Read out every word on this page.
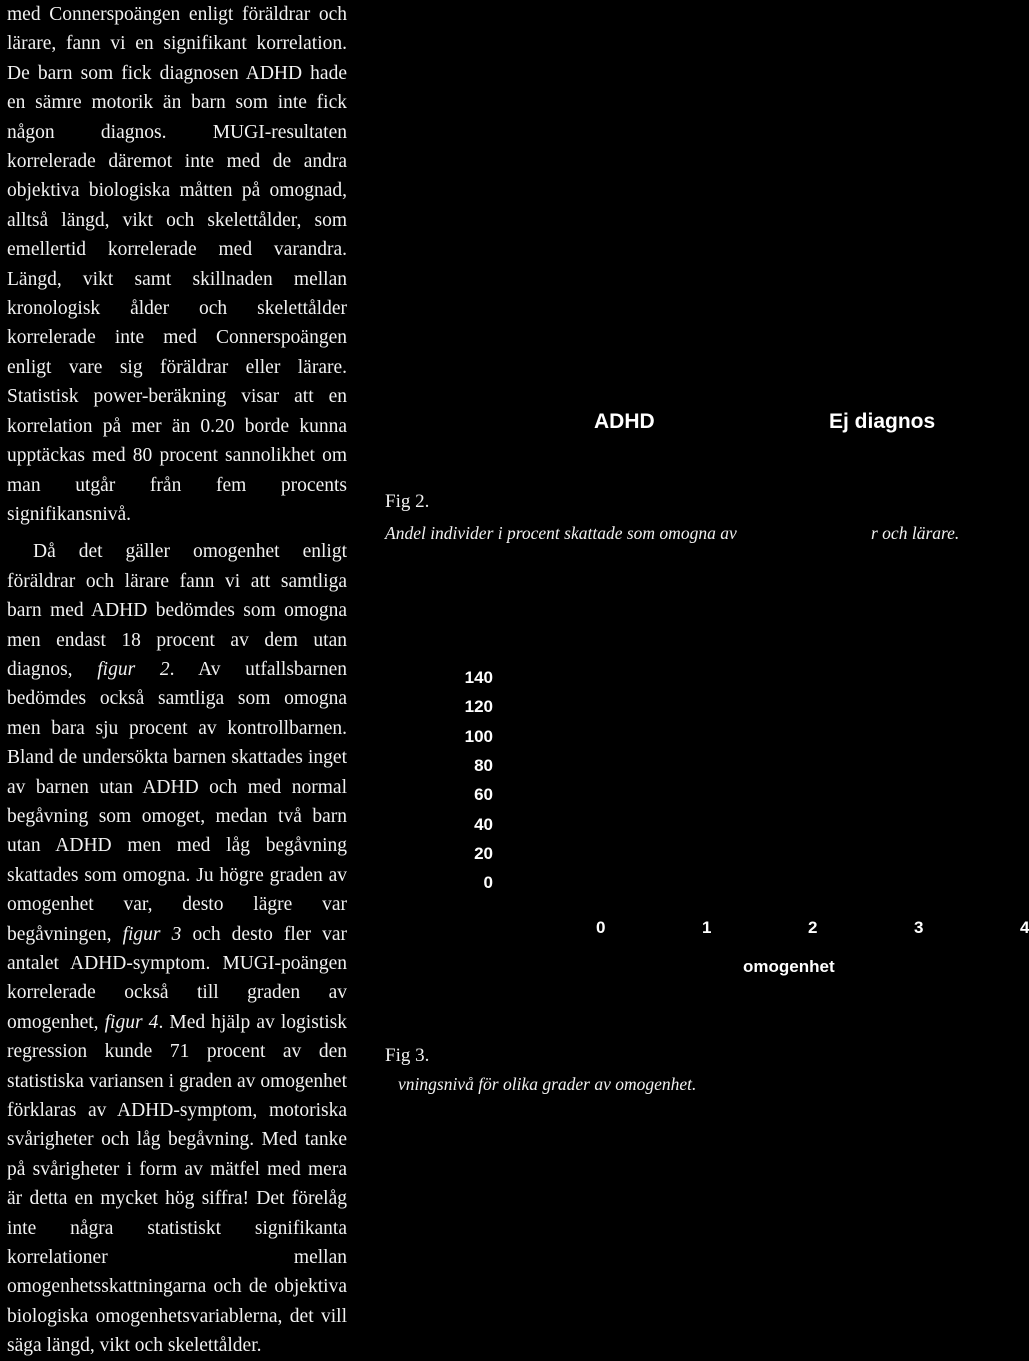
med Connerspoängen enligt föräldrar och lärare, fann vi en signifikant korrelation. De barn som fick diagnosen ADHD hade en sämre motorik än barn som inte fick någon diagnos. MUGI-resultaten korrelerade däremot inte med de andra objektiva biologiska måtten på omognad, alltså längd, vikt och skelettålder, som emellertid korrelerade med varandra. Längd, vikt samt skillnaden mellan kronologisk ålder och skelettålder korrelerade inte med Connerspoängen enligt vare sig föräldrar eller lärare. Statistisk power-beräkning visar att en korrelation på mer än 0.20 borde kunna upptäckas med 80 procent sannolikhet om man utgår från fem procents signifikansnivå.

Då det gäller omogenhet enligt föräldrar och lärare fann vi att samtliga barn med ADHD bedömdes som omogna men endast 18 procent av dem utan diagnos, figur 2. Av utfallsbarnen bedömdes också samtliga som omogna men bara sju procent av kontrollbarnen. Bland de undersökta barnen skattades inget av barnen utan ADHD och med normal begåvning som omoget, medan två barn utan ADHD men med låg begåvning skattades som omogna. Ju högre graden av omogenhet var, desto lägre var begåvningen, figur 3 och desto fler var antalet ADHD-symptom. MUGI-poängen korrelerade också till graden av omogenhet, figur 4. Med hjälp av logistisk regression kunde 71 procent av den statistiska variansen i graden av omogenhet förklaras av ADHD-symptom, motoriska svårigheter och låg begåvning. Med tanke på svårigheter i form av mätfel med mera är detta en mycket hög siffra! Det förelåg inte några statistiskt signifikanta korrelationer mellan omogenhetsskattningarna och de objektiva biologiska omogenhetsvariablerna, det vill säga längd, vikt och skelettålder.

ADHD	Ej diagnos
Fig 2.
Andel individer i procent skattade som omogna av	r och lärare.
140
120
100
80
60
40
20
0
0	1	2	3	4
omogenhet
Fig 3.
vningsnivå för olika grader av omogenhet.
